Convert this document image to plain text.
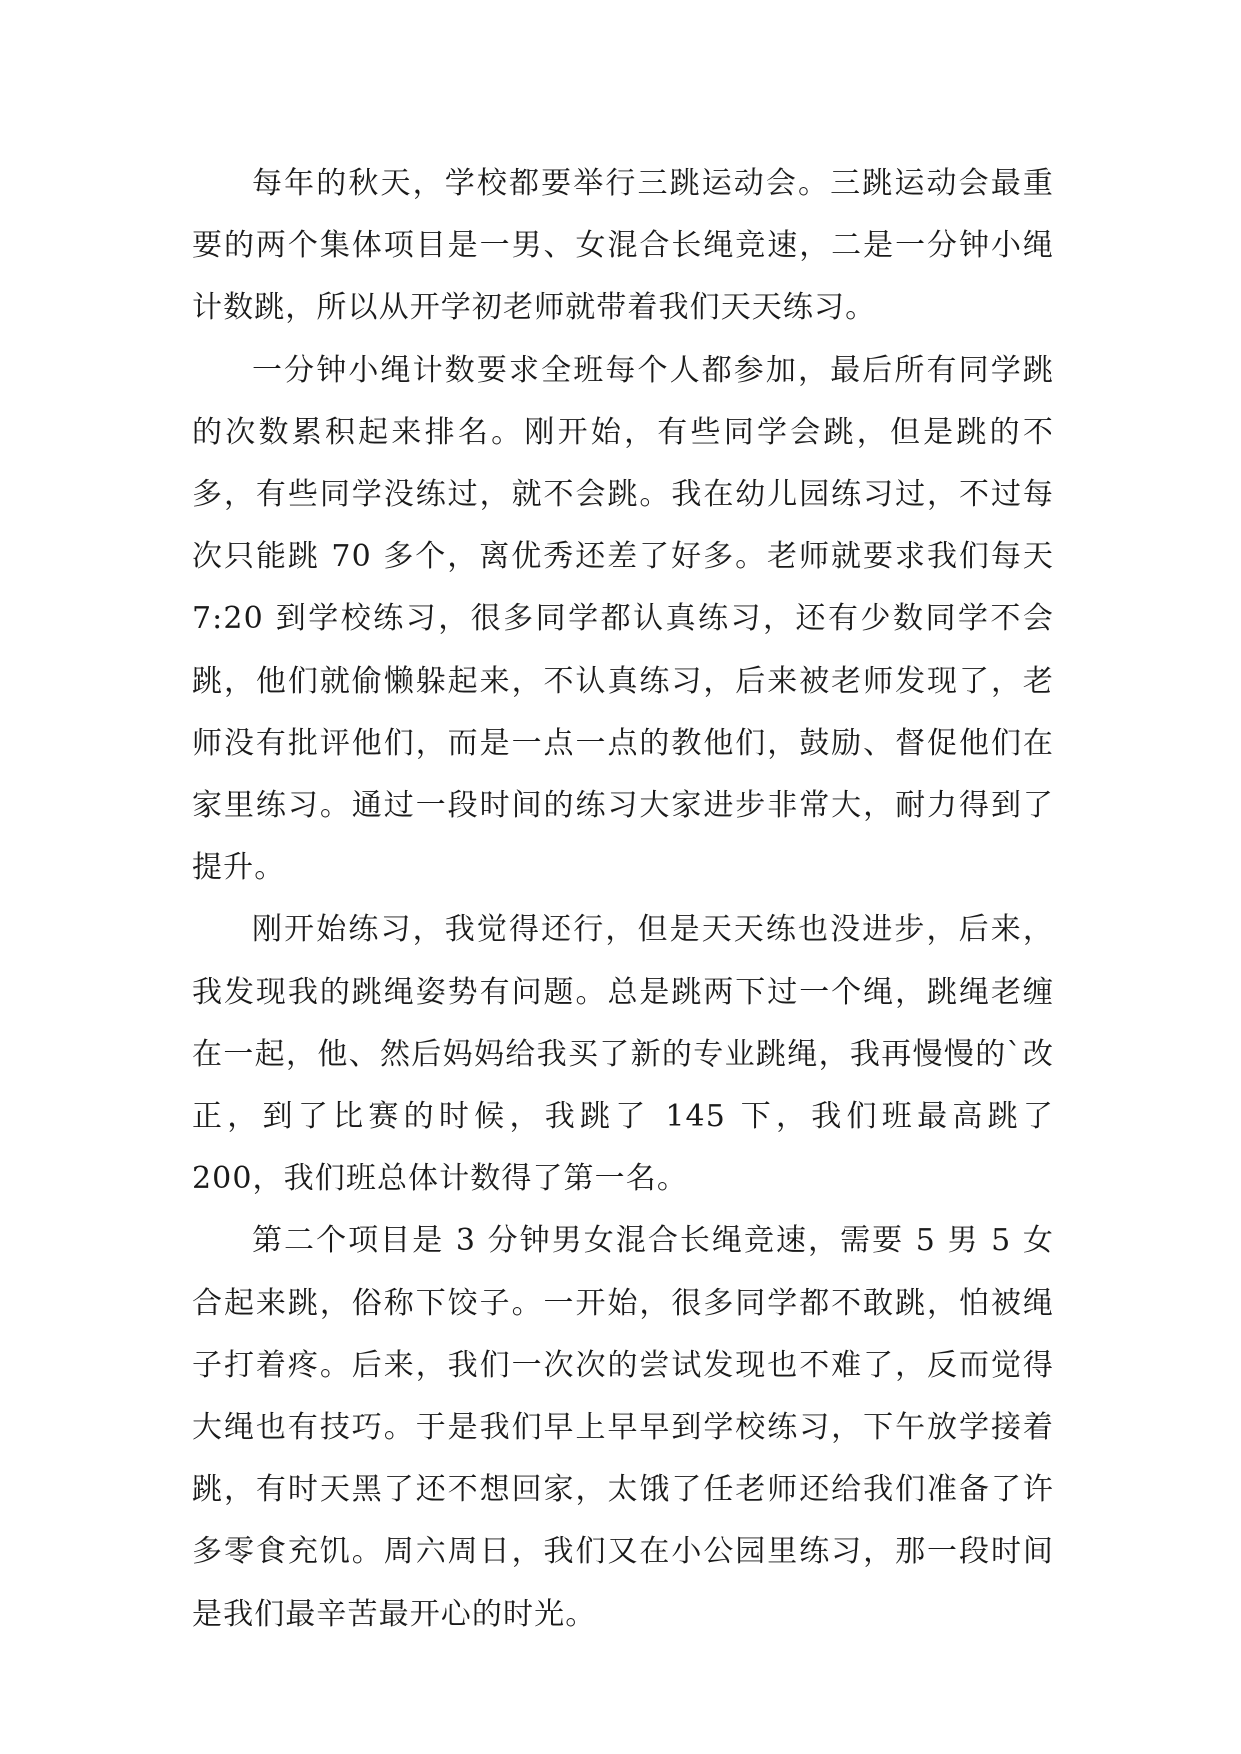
每年的秋天，学校都要举行三跳运动会。三跳运动会最重要的两个集体项目是一男、女混合长绳竞速，二是一分钟小绳计数跳，所以从开学初老师就带着我们天天练习。

一分钟小绳计数要求全班每个人都参加，最后所有同学跳的次数累积起来排名。刚开始，有些同学会跳，但是跳的不多，有些同学没练过，就不会跳。我在幼儿园练习过，不过每次只能跳 70 多个，离优秀还差了好多。老师就要求我们每天 7:20 到学校练习，很多同学都认真练习，还有少数同学不会跳，他们就偷懒躲起来，不认真练习，后来被老师发现了，老师没有批评他们，而是一点一点的教他们，鼓励、督促他们在家里练习。通过一段时间的练习大家进步非常大，耐力得到了提升。

刚开始练习，我觉得还行，但是天天练也没进步，后来，我发现我的跳绳姿势有问题。总是跳两下过一个绳，跳绳老缠在一起，他、然后妈妈给我买了新的专业跳绳，我再慢慢的`改正，到了比赛的时候，我跳了 145 下，我们班最高跳了 200，我们班总体计数得了第一名。

第二个项目是 3 分钟男女混合长绳竞速，需要 5 男 5 女合起来跳，俗称下饺子。一开始，很多同学都不敢跳，怕被绳子打着疼。后来，我们一次次的尝试发现也不难了，反而觉得大绳也有技巧。于是我们早上早早到学校练习，下午放学接着跳，有时天黑了还不想回家，太饿了任老师还给我们准备了许多零食充饥。周六周日，我们又在小公园里练习，那一段时间是我们最辛苦最开心的时光。
